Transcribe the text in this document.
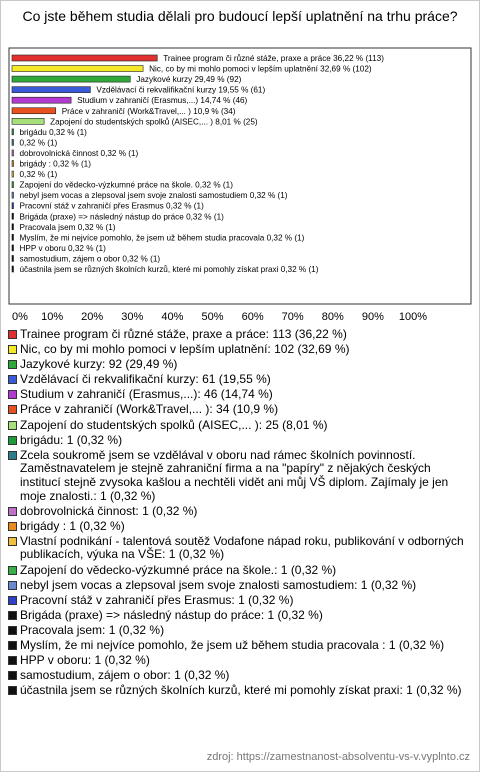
Co jste během studia dělali pro budoucí lepší uplatnění na trhu práce?
Trainee program či různé stáže, praxe a práce 36,22 % (113)
Nic, co by mi mohlo pomoci v lepším uplatnění 32,69 % (102)
Jazykové kurzy 29,49 % (92)
Vzdělávací či rekvalifikační kurzy 19,55 % (61)
Studium v zahraničí (Erasmus,...) 14,74 % (46)
Práce v zahraničí (Work&Travel,... ) 10,9 % (34)
Zapojení do studentských spolků (AISEC,... ) 8,01 % (25)
brigádu 0,32 % (1)
0,32 % (1)
dobrovolnická činnost 0,32 % (1)
brigády : 0,32 % (1)
0,32 % (1)
Zapojení do vědecko-výzkumné práce na škole. 0,32 % (1)
nebyl jsem vocas a zlepsoval jsem svoje znalosti samostudiem 0,32 % (1)
Pracovní stáž v zahraničí přes Erasmus 0,32 % (1)
Brigáda (praxe) => následný nástup do práce 0,32 % (1)
Pracovala jsem 0,32 % (1)
Myslím, že mi nejvíce pomohlo, že jsem už během studia pracovala 0,32 % (1)
HPP v oboru 0,32 % (1)
samostudium, zájem o obor 0,32 % (1)
účastnila jsem se různých školních kurzů, které mi pomohly získat praxi 0,32 % (1)
0% 10% 20% 30% 40% 50% 60% 70% 80% 90% 100%
Trainee program či různé stáže, praxe a práce: 113 (36,22 %)
Nic, co by mi mohlo pomoci v lepším uplatnění: 102 (32,69 %)
Jazykové kurzy: 92 (29,49 %)
Vzdělávací či rekvalifikační kurzy: 61 (19,55 %)
Studium v zahraničí (Erasmus,...): 46 (14,74 %)
Práce v zahraničí (Work&Travel,... ): 34 (10,9 %)
Zapojení do studentských spolků (AISEC,... ): 25 (8,01 %)
brigádu: 1 (0,32 %)
Zcela soukromě jsem se vzdělával v oboru nad rámec školních povinností. Zaměstnavatelem je stejně zahraniční firma a na "papíry" z nějakých českých institucí stejně zvysoka kašlou a nechtěli vidět ani můj VŠ diplom. Zajímaly je jen moje znalosti.: 1 (0,32 %)
dobrovolnická činnost: 1 (0,32 %)
brigády : 1 (0,32 %)
Vlastní podnikání - talentová soutěž Vodafone nápad roku, publikování v odborných publikacích, výuka na VŠE: 1 (0,32 %)
Zapojení do vědecko-výzkumné práce na škole.: 1 (0,32 %)
nebyl jsem vocas a zlepsoval jsem svoje znalosti samostudiem: 1 (0,32 %)
Pracovní stáž v zahraničí přes Erasmus: 1 (0,32 %)
Brigáda (praxe) => následný nástup do práce: 1 (0,32 %)
Pracovala jsem: 1 (0,32 %)
Myslím, že mi nejvíce pomohlo, že jsem už během studia pracovala : 1 (0,32 %)
HPP v oboru: 1 (0,32 %)
samostudium, zájem o obor: 1 (0,32 %)
účastnila jsem se různých školních kurzů, které mi pomohly získat praxi: 1 (0,32 %)
zdroj: https://zamestnanost-absolventu-vs-v.vyplnto.cz
